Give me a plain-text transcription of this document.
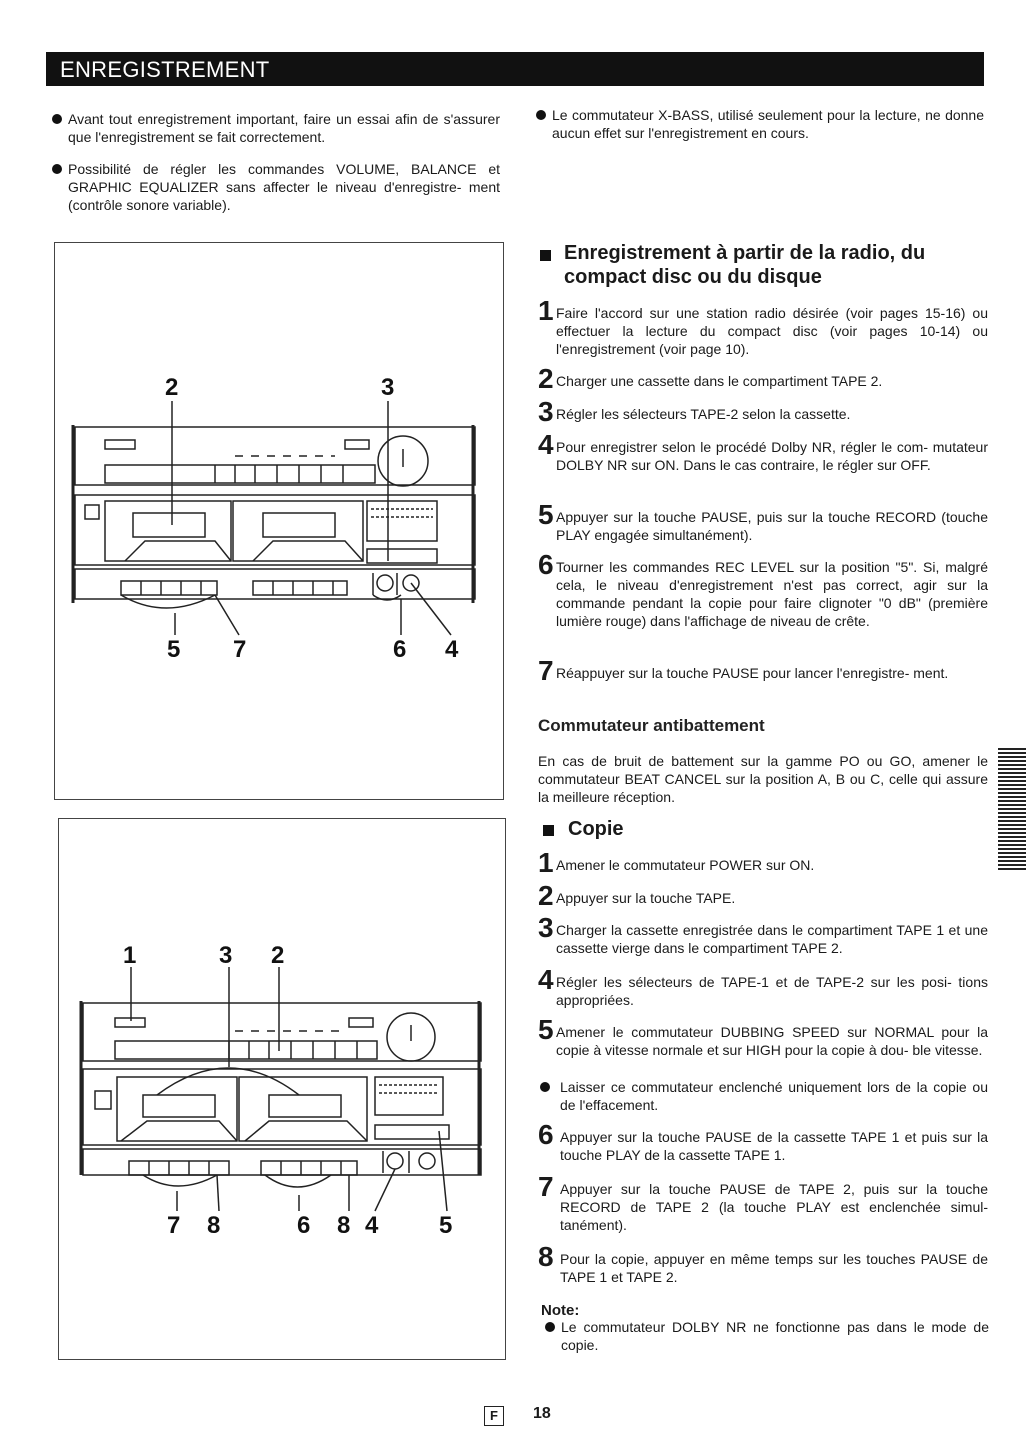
ENREGISTREMENT
Avant tout enregistrement important, faire un essai afin de s'assurer que l'enregistrement se fait correctement.
Possibilité de régler les commandes VOLUME, BALANCE et GRAPHIC EQUALIZER sans affecter le niveau d'enregistre- ment (contrôle sonore variable).
Le commutateur X-BASS, utilisé seulement pour la lecture, ne donne aucun effet sur l'enregistrement en cours.
2	3
5 7	6 4
1	3 2
7 8	6 8 4	5
Enregistrement à partir de la radio, du compact disc ou du disque
1 Faire l'accord sur une station radio désirée (voir pages 15-16) ou effectuer la lecture du compact disc (voir pages 10-14) ou l'enregistrement (voir page 10).
2 Charger une cassette dans le compartiment TAPE 2.
3 Régler les sélecteurs TAPE-2 selon la cassette.
4 Pour enregistrer selon le procédé Dolby NR, régler le com- mutateur DOLBY NR sur ON. Dans le cas contraire, le régler sur OFF.
5 Appuyer sur la touche PAUSE, puis sur la touche RECORD (touche PLAY engagée simultanément).
6 Tourner les commandes REC LEVEL sur la position "5". Si, malgré cela, le niveau d'enregistrement n'est pas correct, agir sur la commande pendant la copie pour faire clignoter "0 dB" (première lumière rouge) dans l'affichage de niveau de crête.
7 Réappuyer sur la touche PAUSE pour lancer l'enregistre- ment.
Commutateur antibattement
En cas de bruit de battement sur la gamme PO ou GO, amener le commutateur BEAT CANCEL sur la position A, B ou C, celle qui assure la meilleure réception.
Copie
1 Amener le commutateur POWER sur ON.
2 Appuyer sur la touche TAPE.
3 Charger la cassette enregistrée dans le compartiment TAPE 1 et une cassette vierge dans le compartiment TAPE 2.
4 Régler les sélecteurs de TAPE-1 et de TAPE-2 sur les posi- tions appropriées.
5 Amener le commutateur DUBBING SPEED sur NORMAL pour la copie à vitesse normale et sur HIGH pour la copie à dou- ble vitesse.
Laisser ce commutateur enclenché uniquement lors de la copie ou de l'effacement.
6 Appuyer sur la touche PAUSE de la cassette TAPE 1 et puis sur la touche PLAY de la cassette TAPE 1.
7 Appuyer sur la touche PAUSE de TAPE 2, puis sur la touche RECORD de TAPE 2 (la touche PLAY est enclenchée simul- tanément).
8 Pour la copie, appuyer en même temps sur les touches PAUSE de TAPE 1 et TAPE 2.
Note:
Le commutateur DOLBY NR ne fonctionne pas dans le mode de copie.
F	18
